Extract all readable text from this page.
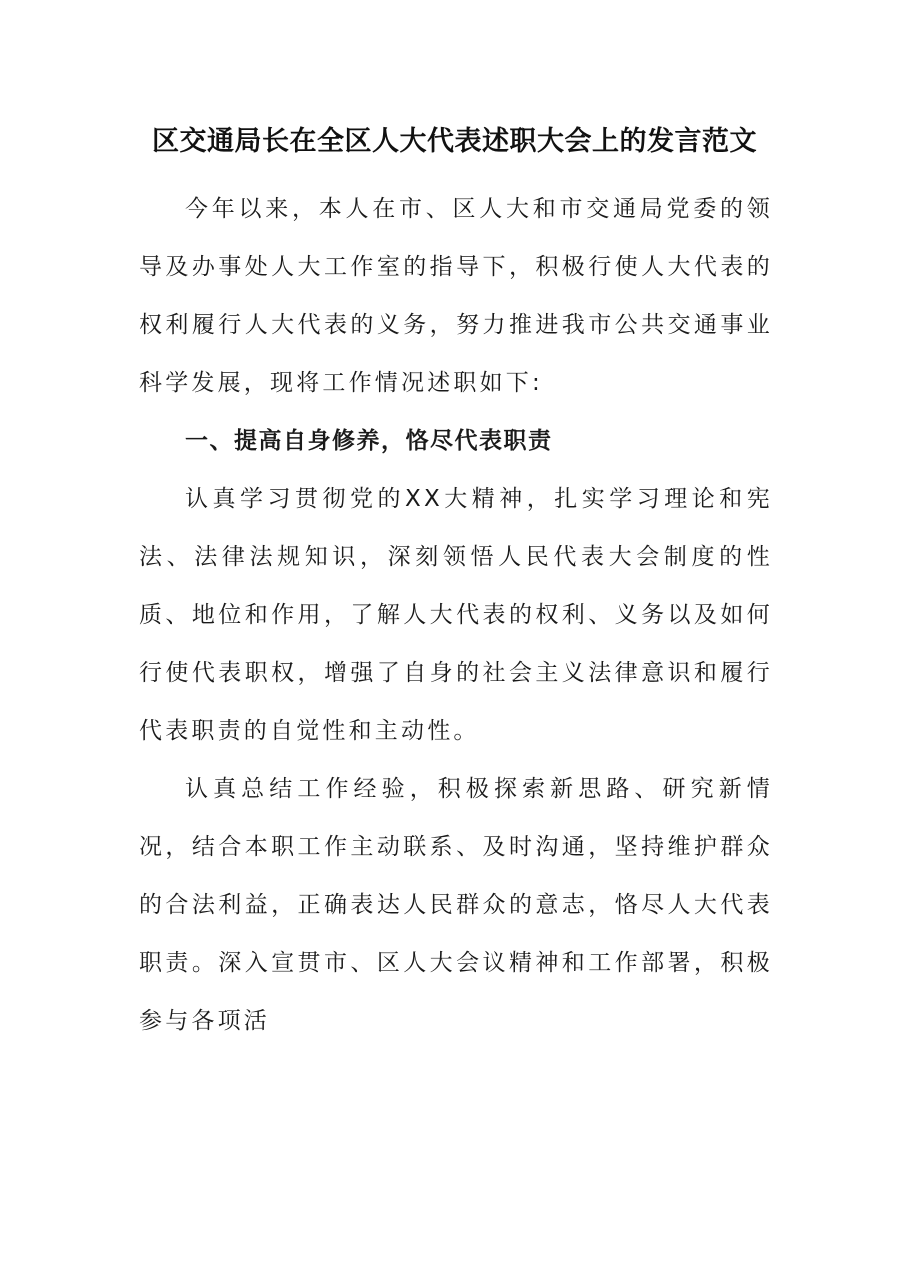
区交通局长在全区人大代表述职大会上的发言范文

今年以来，本人在市、区人大和市交通局党委的领导及办事处人大工作室的指导下，积极行使人大代表的权利履行人大代表的义务，努力推进我市公共交通事业科学发展，现将工作情况述职如下:

一、提高自身修养，恪尽代表职责

认真学习贯彻党的XX大精神，扎实学习理论和宪法、法律法规知识，深刻领悟人民代表大会制度的性质、地位和作用，了解人大代表的权利、义务以及如何行使代表职权，增强了自身的社会主义法律意识和履行代表职责的自觉性和主动性。

认真总结工作经验，积极探索新思路、研究新情况，结合本职工作主动联系、及时沟通，坚持维护群众的合法利益，正确表达人民群众的意志，恪尽人大代表职责。深入宣贯市、区人大会议精神和工作部署，积极参与各项活
